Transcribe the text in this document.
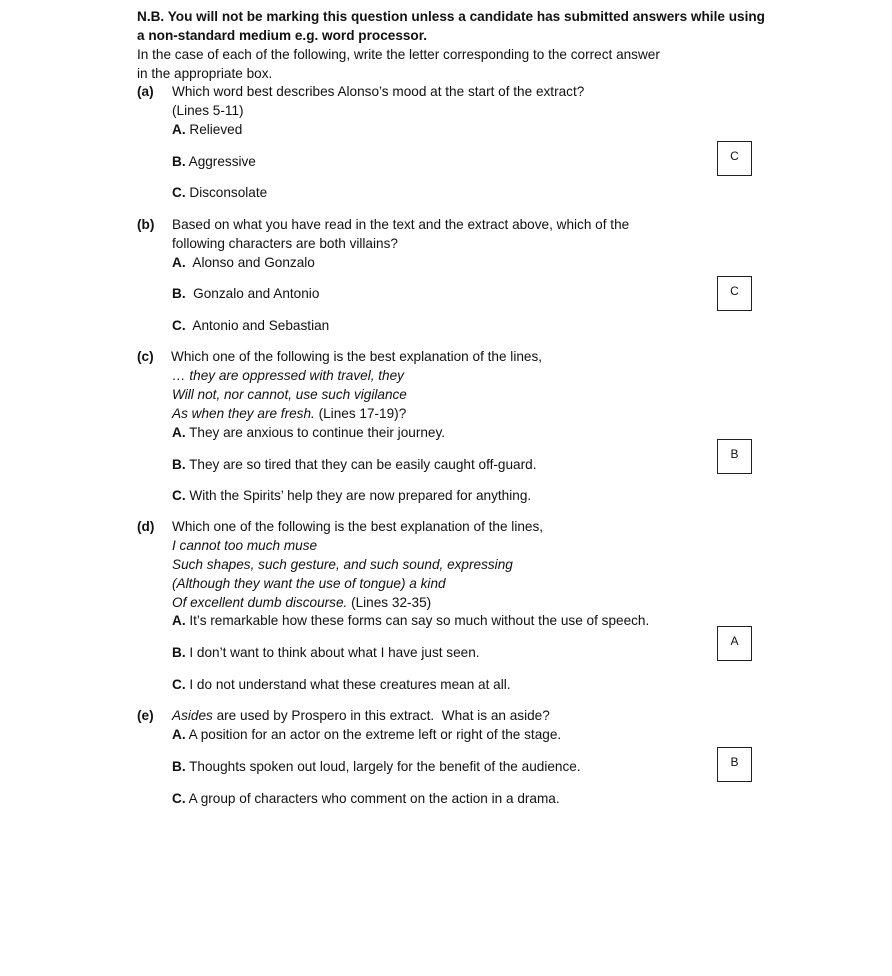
N.B. You will not be marking this question unless a candidate has submitted answers while using
a non-standard medium e.g. word processor.
In the case of each of the following, write the letter corresponding to the correct answer
in the appropriate box.
(a) Which word best describes Alonso’s mood at the start of the extract?
(Lines 5-11)
A. Relieved
B. Aggressive
C. Disconsolate
C
(b) Based on what you have read in the text and the extract above, which of the
following characters are both villains?
A. Alonso and Gonzalo
B. Gonzalo and Antonio
C. Antonio and Sebastian
C
(c) Which one of the following is the best explanation of the lines,
… they are oppressed with travel, they
Will not, nor cannot, use such vigilance
As when they are fresh. (Lines 17-19)?
A. They are anxious to continue their journey.
B. They are so tired that they can be easily caught off-guard.
C. With the Spirits’ help they are now prepared for anything.
B
(d) Which one of the following is the best explanation of the lines,
I cannot too much muse
Such shapes, such gesture, and such sound, expressing
(Although they want the use of tongue) a kind
Of excellent dumb discourse. (Lines 32-35)
A. It’s remarkable how these forms can say so much without the use of speech.
B. I don’t want to think about what I have just seen.
C. I do not understand what these creatures mean at all.
A
(e) Asides are used by Prospero in this extract.  What is an aside?
A. A position for an actor on the extreme left or right of the stage.
B. Thoughts spoken out loud, largely for the benefit of the audience.
C. A group of characters who comment on the action in a drama.
B
